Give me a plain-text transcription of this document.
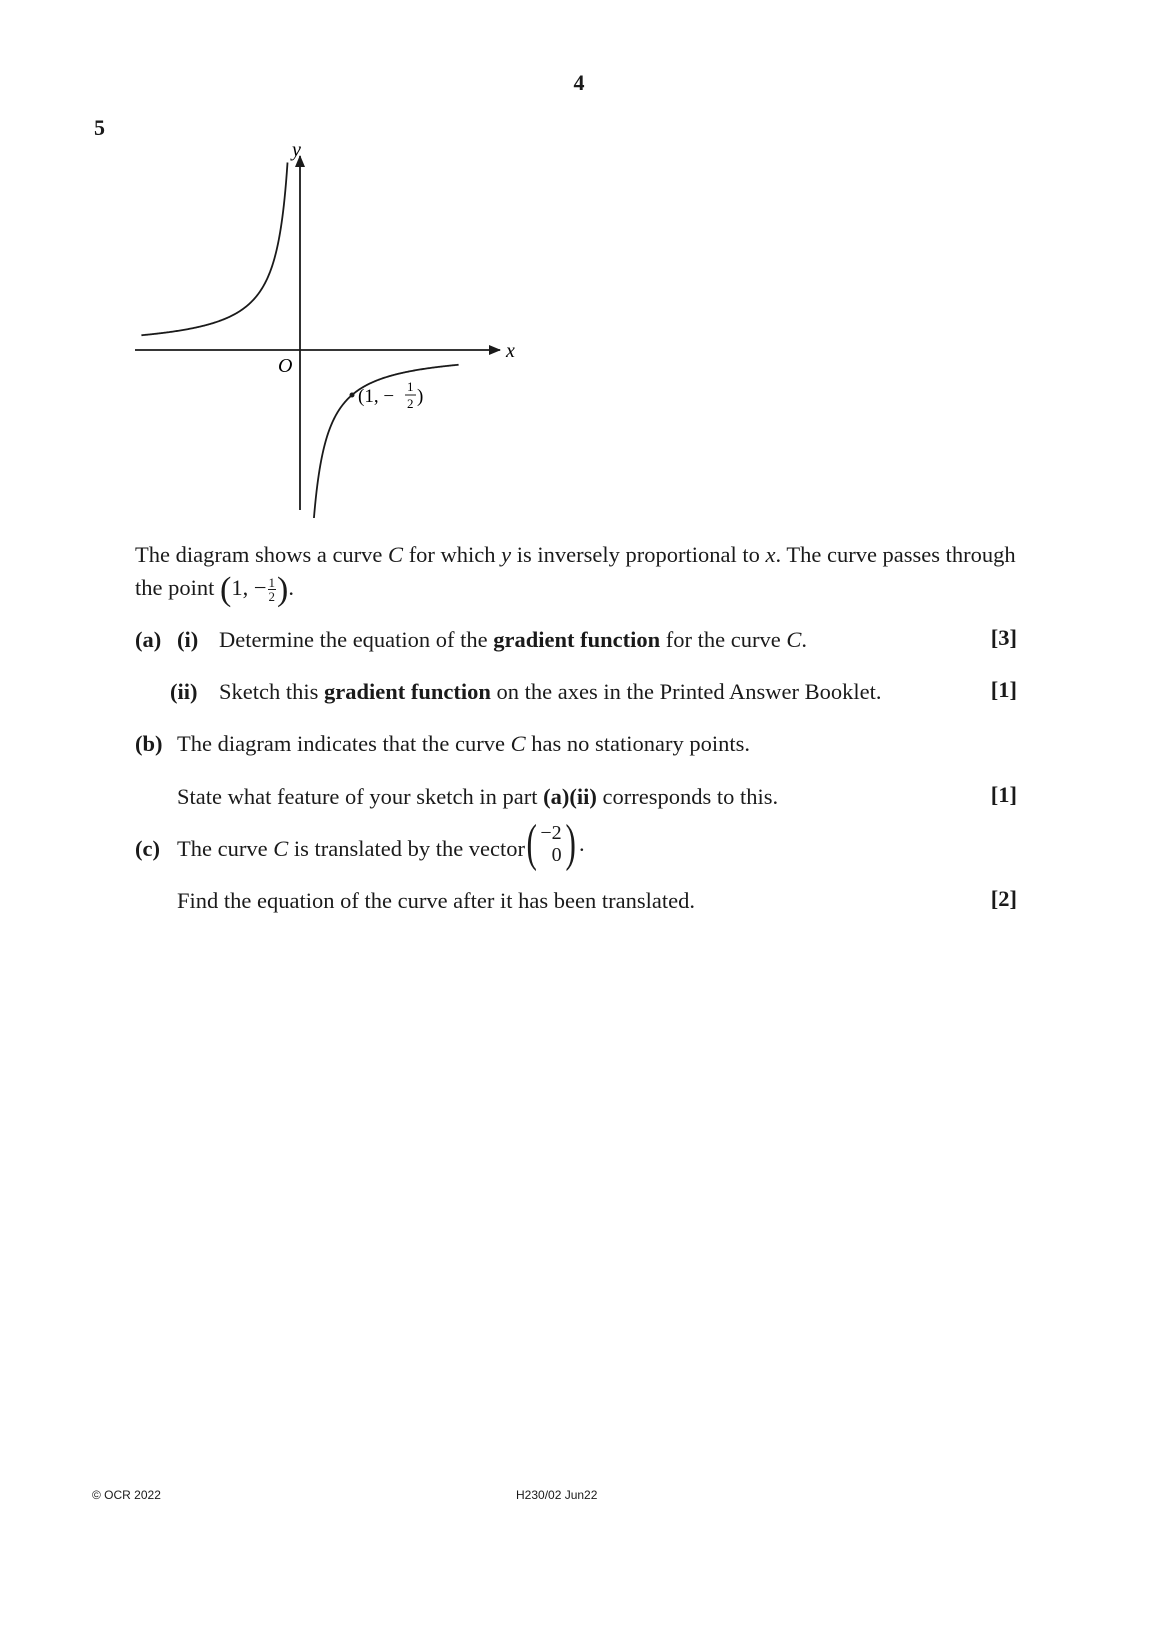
4
5
x
y
O
(1, − 1
2 )
The diagram shows a curve C for which y is inversely proportional to x. The curve passes through
the point (1, − $\frac{1}{2}$ ).
(a) (i) Determine the equation of the gradient function for the curve C.	[3]
(ii) Sketch this gradient function on the axes in the Printed Answer Booklet.	[1]
(b) The diagram indicates that the curve C has no stationary points.
State what feature of your sketch in part (a)(ii) corresponds to this.	[1]
(c) The curve C is translated by the vector ( −2
0 ) .
Find the equation of the curve after it has been translated.	[2]
© OCR 2022	H230/02 Jun22
